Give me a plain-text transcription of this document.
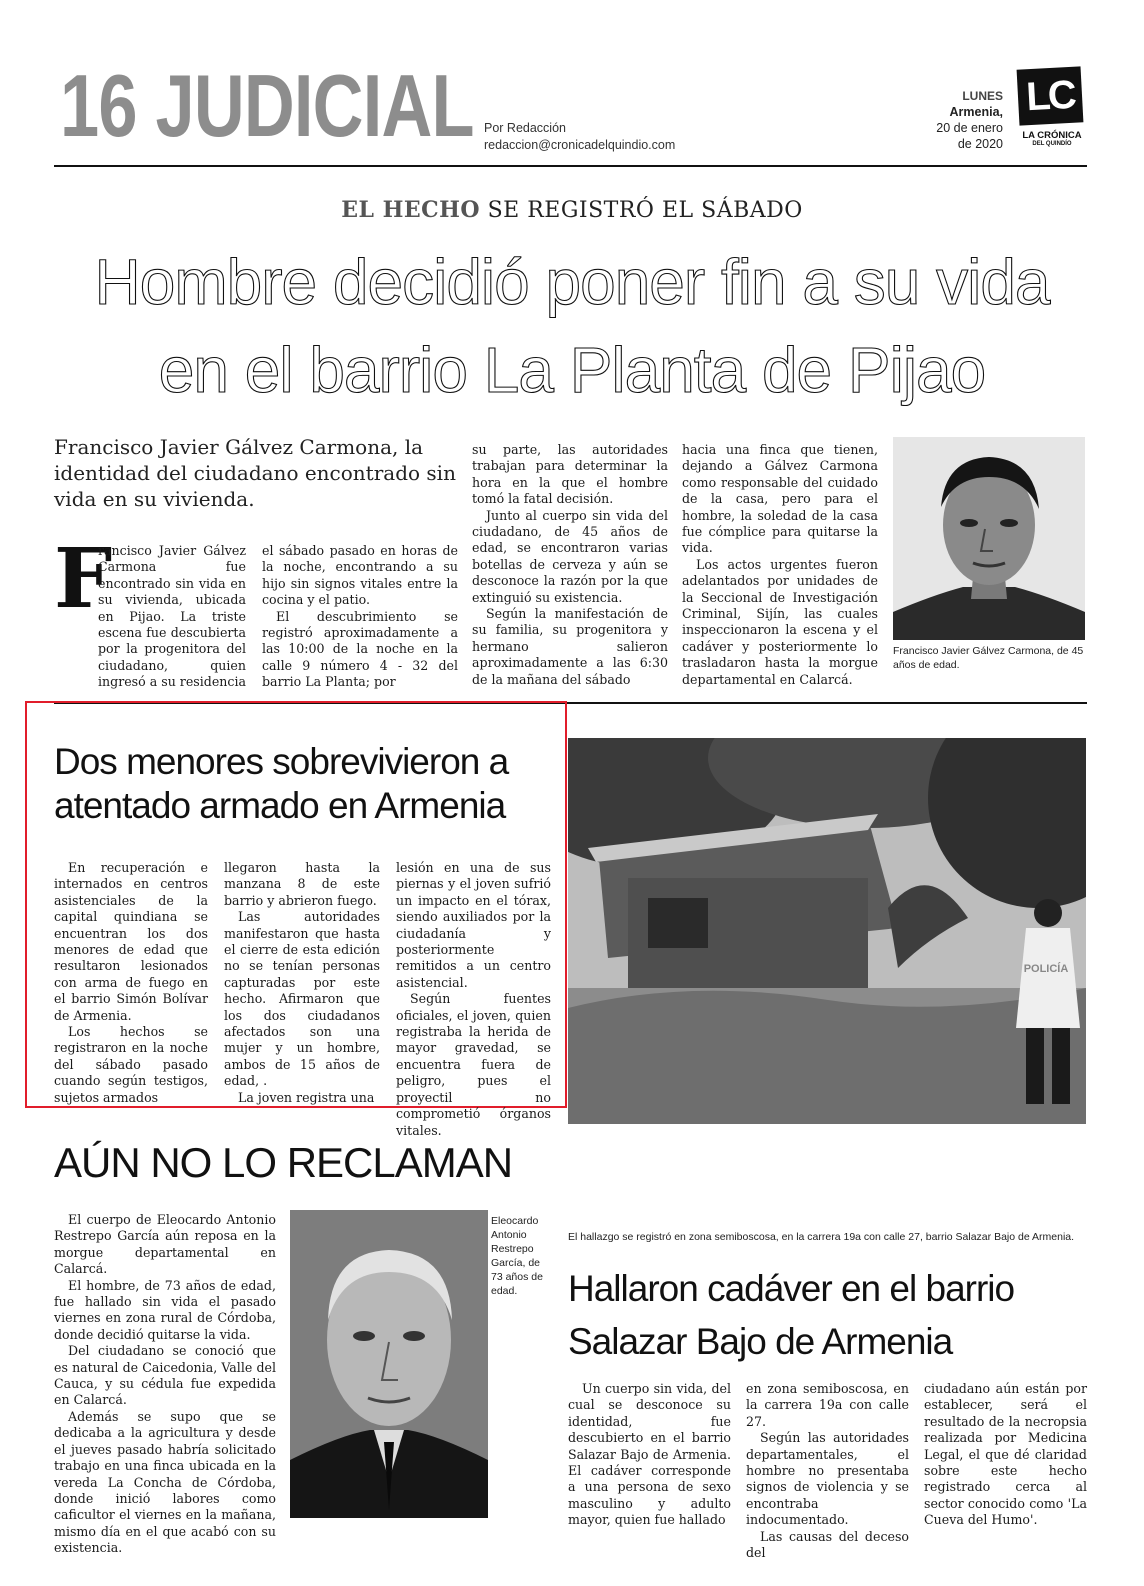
16 JUDICIAL Por Redacción
redaccion@cronicadelquindio.com
LUNES
Armenia,
20 de enero
de 2020
LC
LA CRÓNICA
DEL QUINDÍO
EL HECHO SE REGISTRÓ EL SÁBADO
Hombre decidió poner fin a su vida
en el barrio La Planta de Pijao
Francisco Javier Gálvez Carmona, la identidad del ciudadano encontrado sin vida en su vivienda.
F

rancisco Javier Gálvez Carmona fue encontrado sin vida en su vivienda, ubicada en Pijao. La triste escena fue descubierta por la progenitora del ciudadano, quien ingresó a su residencia

el sábado pasado en horas de la noche, encontrando a su hijo sin signos vitales entre la cocina y el patio.

El descubrimiento se registró aproximadamente a las 10:00 de la noche en la calle 9 número 4 - 32 del barrio La Planta; por

su parte, las autoridades trabajan para determinar la hora en la que el hombre tomó la fatal decisión.

Junto al cuerpo sin vida del ciudadano, de 45 años de edad, se encontraron varias botellas de cerveza y aún se desconoce la razón por la que extinguió su existencia.

Según la manifestación de su familia, su progenitora y hermano salieron aproximadamente a las 6:30 de la mañana del sábado

hacia una finca que tienen, dejando a Gálvez Carmona como responsable del cuidado de la casa, pero para el hombre, la soledad de la casa fue cómplice para quitarse la vida.

Los actos urgentes fueron adelantados por unidades de la Seccional de Investigación Criminal, Sijín, las cuales inspeccionaron la escena y el cadáver y posteriormente lo trasladaron hasta la morgue departamental en Calarcá.

Francisco Javier Gálvez Carmona, de 45 años de edad.
Dos menores sobrevivieron a
atentado armado en Armenia

En recuperación e internados en centros asistenciales de la capital quindiana se encuentran los dos menores de edad que resultaron lesionados con arma de fuego en el barrio Simón Bolívar de Armenia.

Los hechos se registraron en la noche del sábado pasado cuando según testigos, sujetos armados

llegaron hasta la manzana 8 de este barrio y abrieron fuego.

Las autoridades manifestaron que hasta el cierre de esta edición no se tenían personas capturadas por este hecho. Afirmaron que los dos ciudadanos afectados son una mujer y un hombre, ambos de 15 años de edad, .

La joven registra una

lesión en una de sus piernas y el joven sufrió un impacto en el tórax, siendo auxiliados por la ciudadanía y posteriormente remitidos a un centro asistencial.

Según fuentes oficiales, el joven, quien registraba la herida de mayor gravedad, se encuentra fuera de peligro, pues el proyectil no comprometió órganos vitales.

AÚN NO LO RECLAMAN

El cuerpo de Eleocardo Antonio Restrepo García aún reposa en la morgue departamental en Calarcá.

El hombre, de 73 años de edad, fue hallado sin vida el pasado viernes en zona rural de Córdoba, donde decidió quitarse la vida.

Del ciudadano se conoció que es natural de Caicedonia, Valle del Cauca, y su cédula fue expedida en Calarcá.

Además se supo que se dedicaba a la agricultura y desde el jueves pasado habría solicitado trabajo en una finca ubicada en la vereda La Concha de Córdoba, donde inició labores como caficultor el viernes en la mañana, mismo día en el que acabó con su existencia.

Eleocardo Antonio Restrepo García, de 73 años de edad.
POLICÍA
El hallazgo se registró en zona semiboscosa, en la carrera 19a con calle 27, barrio Salazar Bajo de Armenia.
Hallaron cadáver en el barrio
Salazar Bajo de Armenia

Un cuerpo sin vida, del cual se desconoce su identidad, fue descubierto en el barrio Salazar Bajo de Armenia. El cadáver corresponde a una persona de sexo masculino y adulto mayor, quien fue hallado

en zona semiboscosa, en la carrera 19a con calle 27.

Según las autoridades departamentales, el hombre no presentaba signos de violencia y se encontraba indocumentado.

Las causas del deceso del

ciudadano aún están por establecer, será el resultado de la necropsia realizada por Medicina Legal, el que dé claridad sobre este hecho registrado cerca al sector conocido como 'La Cueva del Humo'.
